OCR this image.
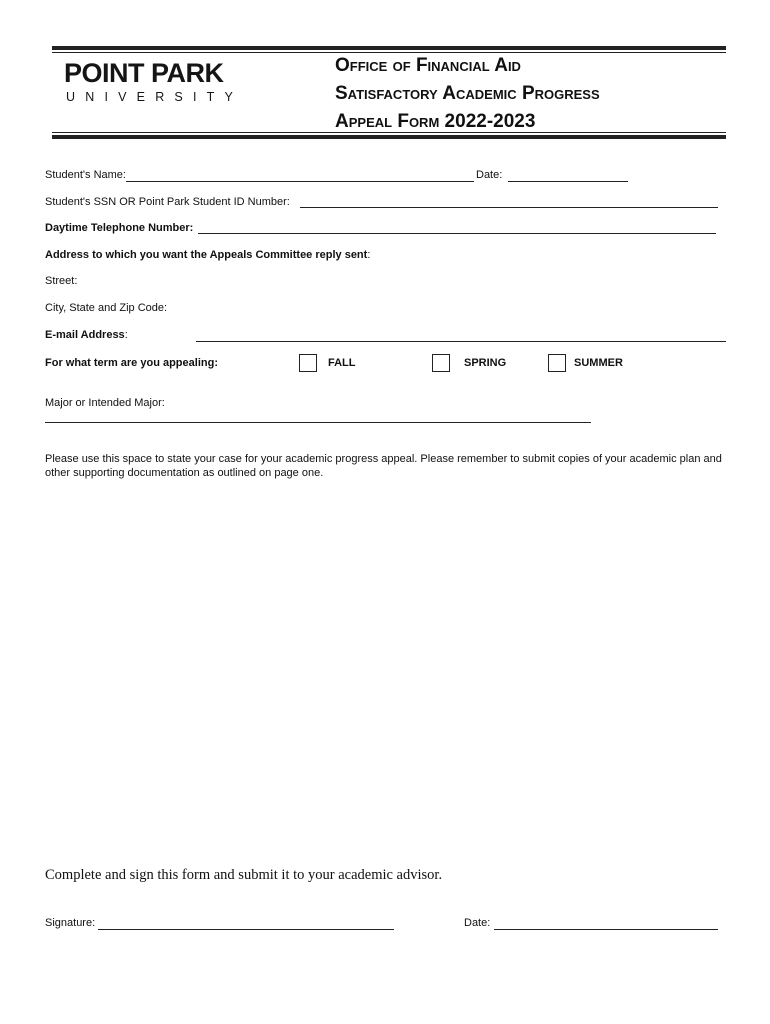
POINT PARK
UNIVERSITY
Office of Financial Aid
Satisfactory Academic Progress
Appeal Form 2022-2023
Student's Name:	Date:
Student's SSN OR Point Park Student ID Number:
Daytime Telephone Number:
Address to which you want the Appeals Committee reply sent:
Street:
City, State and Zip Code:
E-mail Address:
For what term are you appealing:	FALL	SPRING	SUMMER
Major or Intended Major:
Please use this space to state your case for your academic progress appeal. Please remember to submit copies of your academic plan and other supporting documentation as outlined on page one.
Complete and sign this form and submit it to your academic advisor.
Signature:	Date:
